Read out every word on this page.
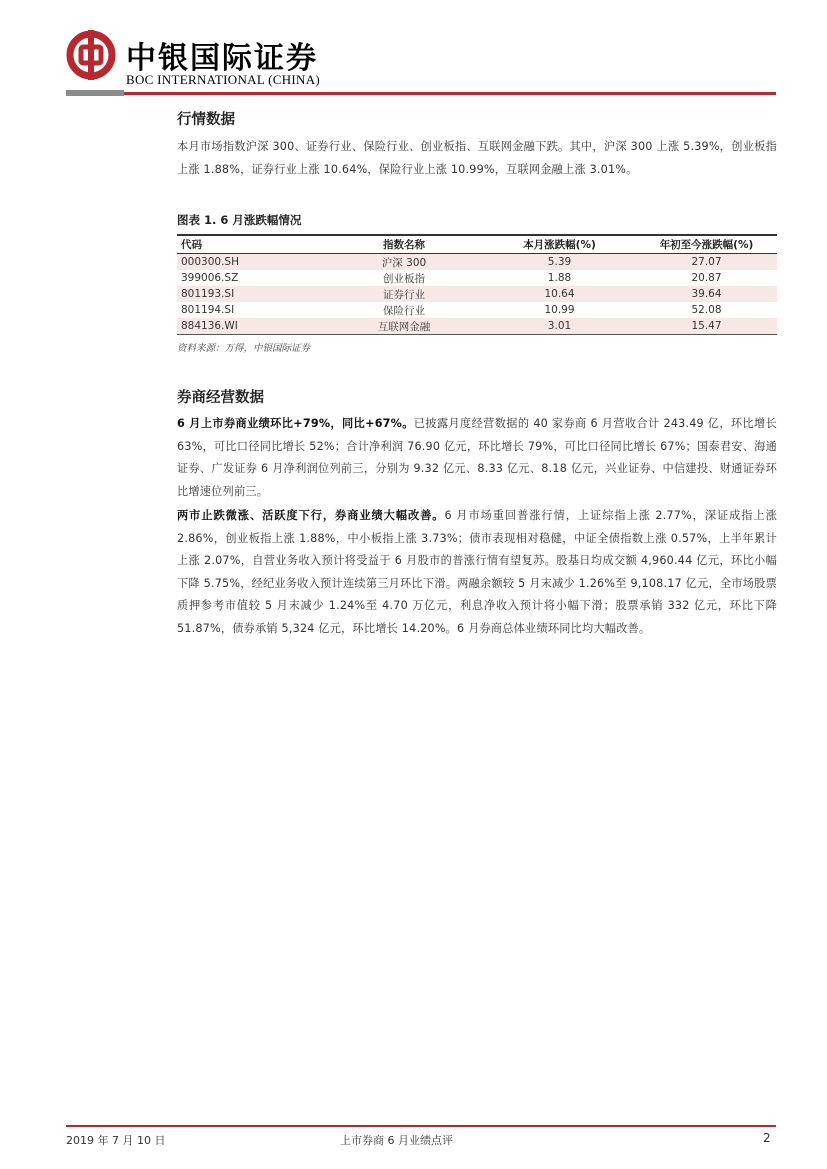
中银国际证券
BOC INTERNATIONAL (CHINA)
行情数据
本月市场指数沪深 300、证券行业、保险行业、创业板指、互联网金融下跌。其中，沪深 300 上涨 5.39%，创业板指上涨 1.88%，证券行业上涨 10.64%，保险行业上涨 10.99%，互联网金融上涨 3.01%。
图表 1. 6 月涨跌幅情况
代码	指数名称	本月涨跌幅(%)	年初至今涨跌幅(%)
000300.SH	沪深 300	5.39	27.07
399006.SZ	创业板指	1.88	20.87
801193.SI	证券行业	10.64	39.64
801194.SI	保险行业	10.99	52.08
884136.WI	互联网金融	3.01	15.47
资料来源：万得，中银国际证券
券商经营数据
6 月上市券商业绩环比+79%，同比+67%。已披露月度经营数据的 40 家券商 6 月营收合计 243.49 亿，环比增长 63%，可比口径同比增长 52%；合计净利润 76.90 亿元，环比增长 79%，可比口径同比增长 67%；国泰君安、海通证券、广发证券 6 月净利润位列前三，分别为 9.32 亿元、8.33 亿元、8.18 亿元，兴业证券、中信建投、财通证券环比增速位列前三。
两市止跌微涨、活跃度下行，券商业绩大幅改善。6 月市场重回普涨行情，上证综指上涨 2.77%，深证成指上涨 2.86%，创业板指上涨 1.88%，中小板指上涨 3.73%；债市表现相对稳健，中证全债指数上涨 0.57%，上半年累计上涨 2.07%，自营业务收入预计将受益于 6 月股市的普涨行情有望复苏。股基日均成交额 4,960.44 亿元，环比小幅下降 5.75%，经纪业务收入预计连续第三月环比下滑。两融余额较 5 月末减少 1.26%至 9,108.17 亿元，全市场股票质押参考市值较 5 月末减少 1.24%至 4.70 万亿元，利息净收入预计将小幅下滑；股票承销 332 亿元，环比下降 51.87%，债券承销 5,324 亿元，环比增长 14.20%。6 月券商总体业绩环同比均大幅改善。
2019 年 7 月 10 日	上市券商 6 月业绩点评	2
